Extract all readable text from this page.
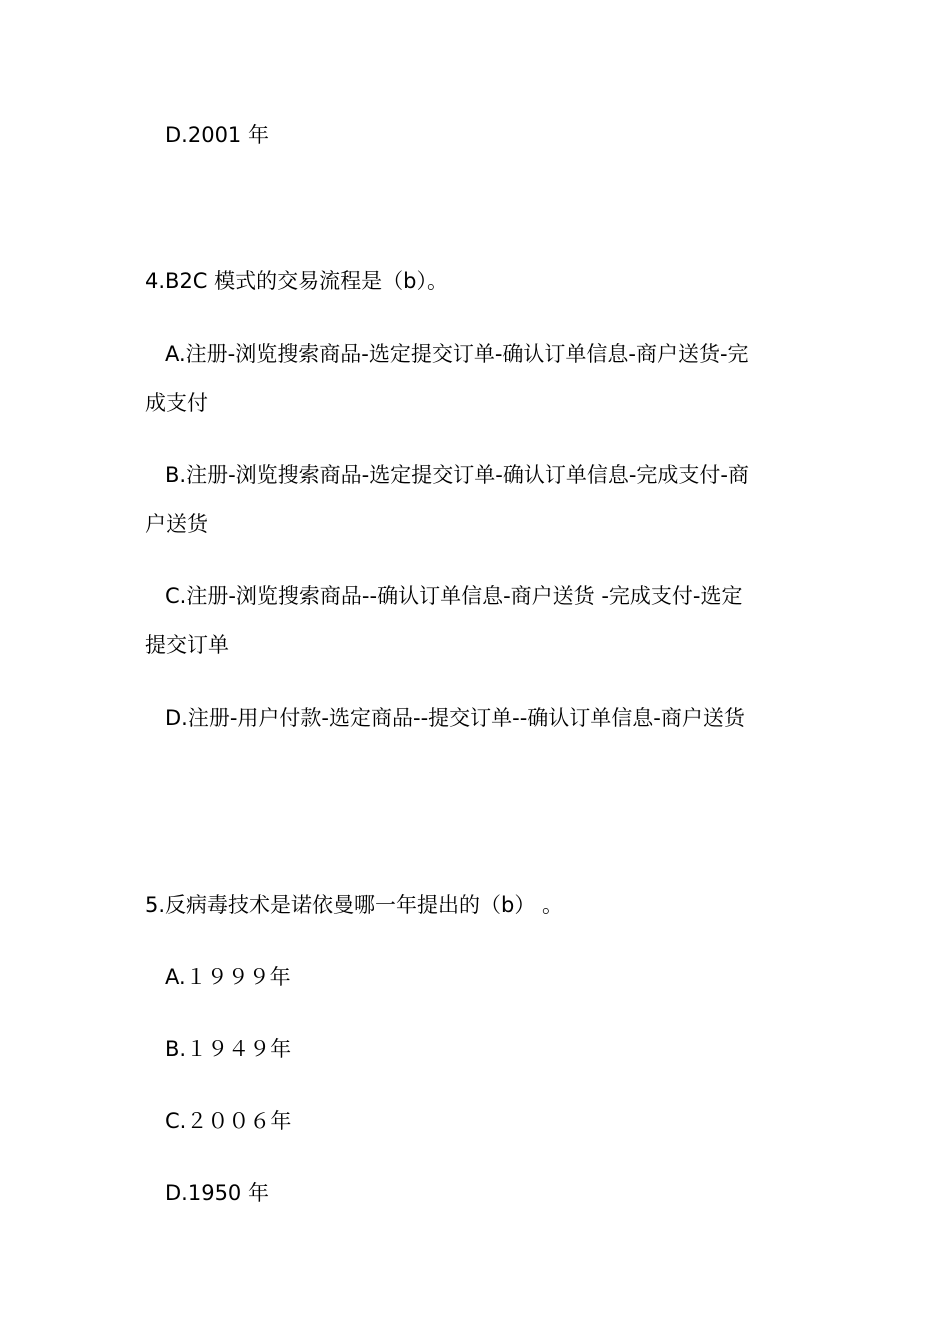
D.2001 年
4.B2C 模式的交易流程是（b）。
A.注册-浏览搜索商品-选定提交订单-确认订单信息-商户送货-完
成支付
B.注册-浏览搜索商品-选定提交订单-确认订单信息-完成支付-商
户送货
C.注册-浏览搜索商品--确认订单信息-商户送货 -完成支付-选定
提交订单
D.注册-用户付款-选定商品--提交订单--确认订单信息-商户送货
5.反病毒技术是诺依曼哪一年提出的（b） 。
A.１９９９年
B.１９４９年
C.２００６年
D.1950 年
